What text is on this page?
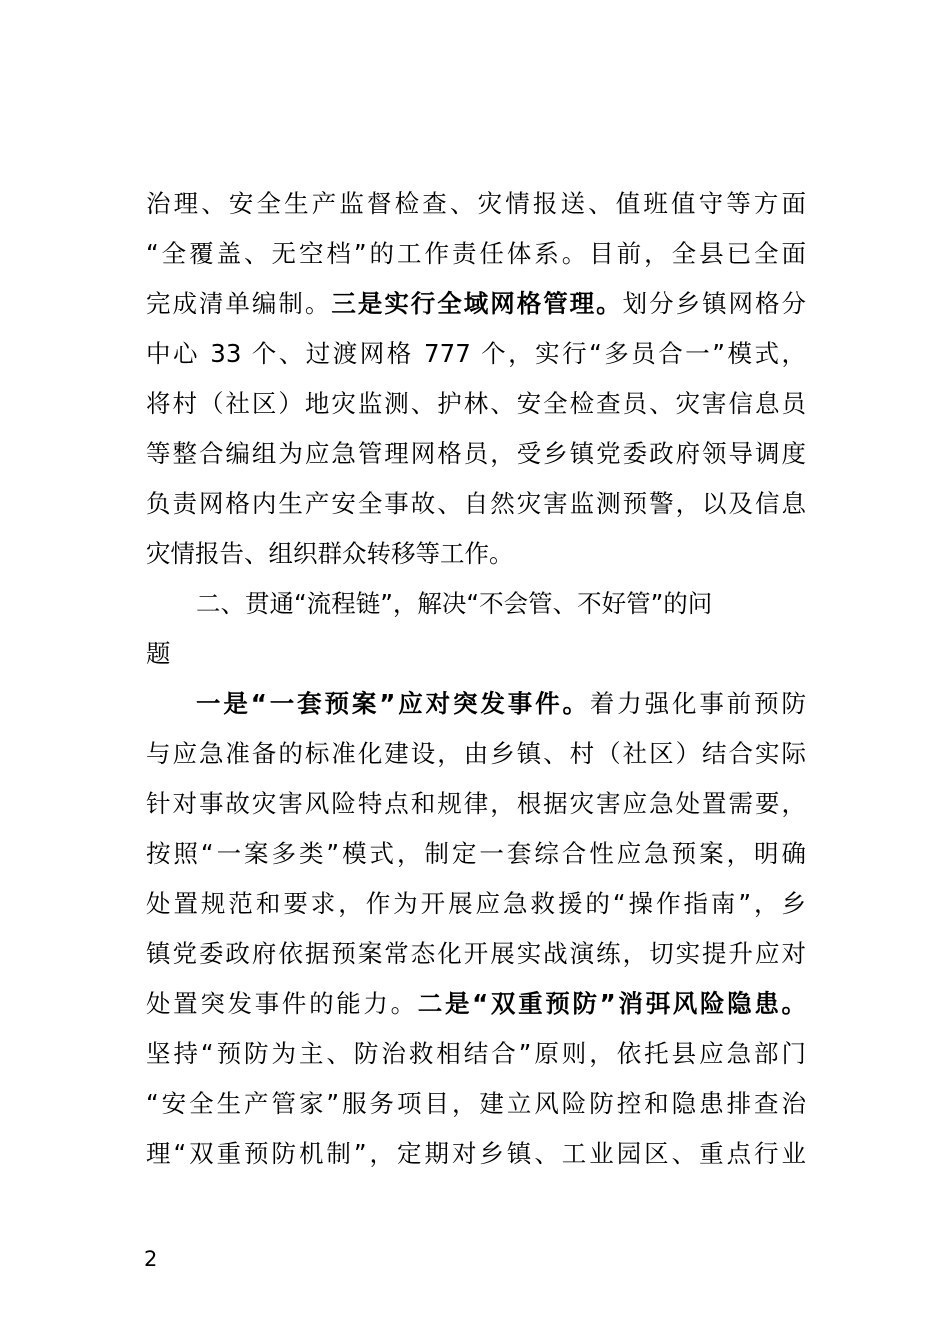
治理、安全生产监督检查、灾情报送、值班值守等方面
“全覆盖、无空档”的工作责任体系。目前，全县已全面
完成清单编制。三是实行全域网格管理。划分乡镇网格分
中心 33 个、过渡网格 777 个，实行“多员合一”模式，
将村（社区）地灾监测、护林、安全检查员、灾害信息员
等整合编组为应急管理网格员，受乡镇党委政府领导调度
负责网格内生产安全事故、自然灾害监测预警，以及信息
灾情报告、组织群众转移等工作。
二、贯通“流程链”，解决“不会管、不好管”的问
题
一是“一套预案”应对突发事件。着力强化事前预防
与应急准备的标准化建设，由乡镇、村（社区）结合实际
针对事故灾害风险特点和规律，根据灾害应急处置需要，
按照“一案多类”模式，制定一套综合性应急预案，明确
处置规范和要求，作为开展应急救援的“操作指南”，乡
镇党委政府依据预案常态化开展实战演练，切实提升应对
处置突发事件的能力。二是“双重预防”消弭风险隐患。
坚持“预防为主、防治救相结合”原则，依托县应急部门
“安全生产管家”服务项目，建立风险防控和隐患排查治
理“双重预防机制”，定期对乡镇、工业园区、重点行业
2
